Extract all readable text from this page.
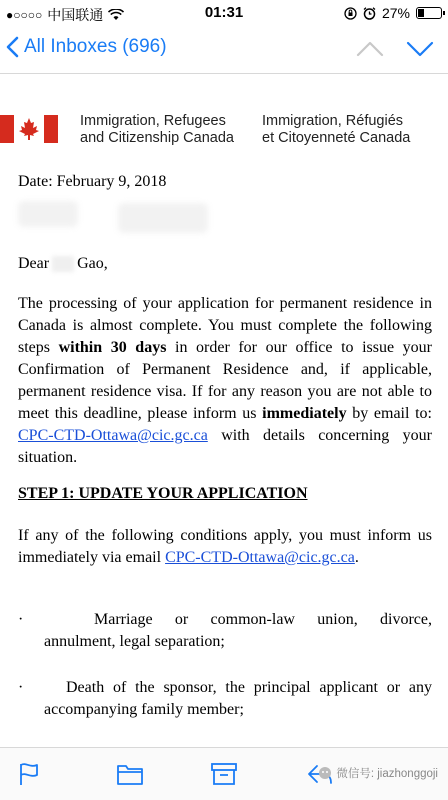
●○○○○ 中国联通	01:31	27%
All Inboxes (696)
Immigration, Refugees
and Citizenship Canada
Immigration, Réfugiés
et Citoyenneté Canada
Date: February 9, 2018
Dear Gao,
The processing of your application for permanent residence in Canada is almost complete. You must complete the following steps within 30 days in order for our office to issue your Confirmation of Permanent Residence and, if applicable, permanent residence visa. If for any reason you are not able to meet this deadline, please inform us immediately by email to: CPC-CTD-Ottawa@cic.gc.ca with details concerning your situation.
STEP 1: UPDATE YOUR APPLICATION
If any of the following conditions apply, you must inform us immediately via email CPC-CTD-Ottawa@cic.gc.ca.
·	Marriage or common-law union, divorce, annulment, legal separation;
·	Death of the sponsor, the principal applicant or any accompanying family member;
微信号: jiazhonggoji
